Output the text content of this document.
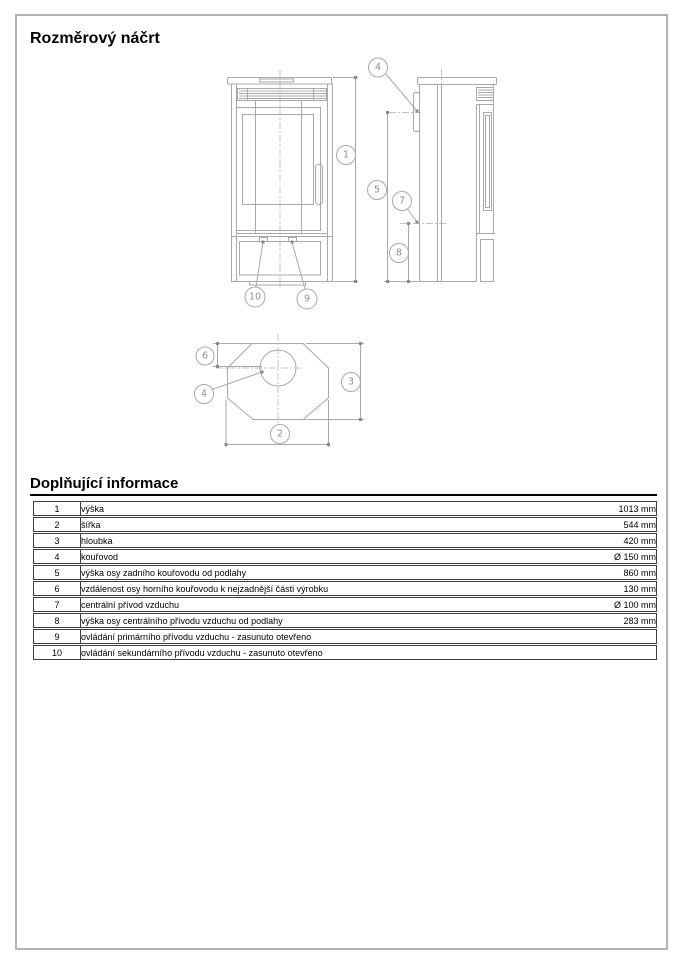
Rozměrový náčrt
1
4
5
7
8
10	9
6
4
3
2
Doplňující informace
1	výška	1013 mm
2	šířka	544 mm
3	hloubka	420 mm
4	kouřovod	Ø 150 mm
5	výška osy zadního kouřovodu od podlahy	860 mm
6	vzdálenost osy horního kouřovodu k nejzadnější části výrobku	130 mm
7	centrální přívod vzduchu	Ø 100 mm
8	výška osy centrálního přívodu vzduchu od podlahy	283 mm
9	ovládání primárního přívodu vzduchu - zasunuto otevřeno	
10	ovládání sekundárního přívodu vzduchu - zasunuto otevřeno	
